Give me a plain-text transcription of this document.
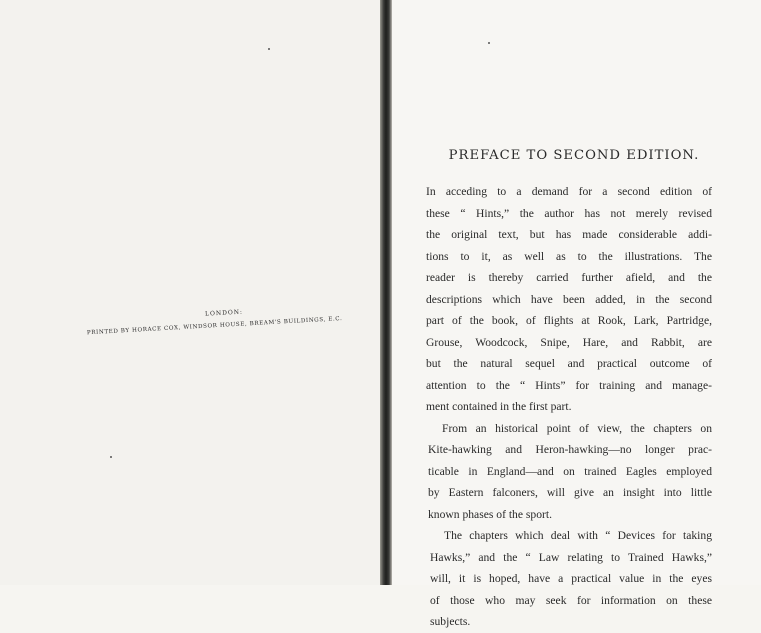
LONDON:
PRINTED BY HORACE COX, WINDSOR HOUSE, BREAM'S BUILDINGS, E.C.
PREFACE TO SECOND EDITION.
In acceding to a demand for a second edition of
these “ Hints,” the author has not merely revised
the original text, but has made considerable addi-
tions to it, as well as to the illustrations. The
reader is thereby carried further afield, and the
descriptions which have been added, in the second
part of the book, of flights at Rook, Lark, Partridge,
Grouse, Woodcock, Snipe, Hare, and Rabbit, are
but the natural sequel and practical outcome of
attention to the “ Hints” for training and manage-
ment contained in the first part.
From an historical point of view, the chapters on
Kite-hawking and Heron-hawking—no longer prac-
ticable in England—and on trained Eagles employed
by Eastern falconers, will give an insight into little
known phases of the sport.
The chapters which deal with “ Devices for taking
Hawks,” and the “ Law relating to Trained Hawks,”
will, it is hoped, have a practical value in the eyes
of those who may seek for information on these
subjects.
